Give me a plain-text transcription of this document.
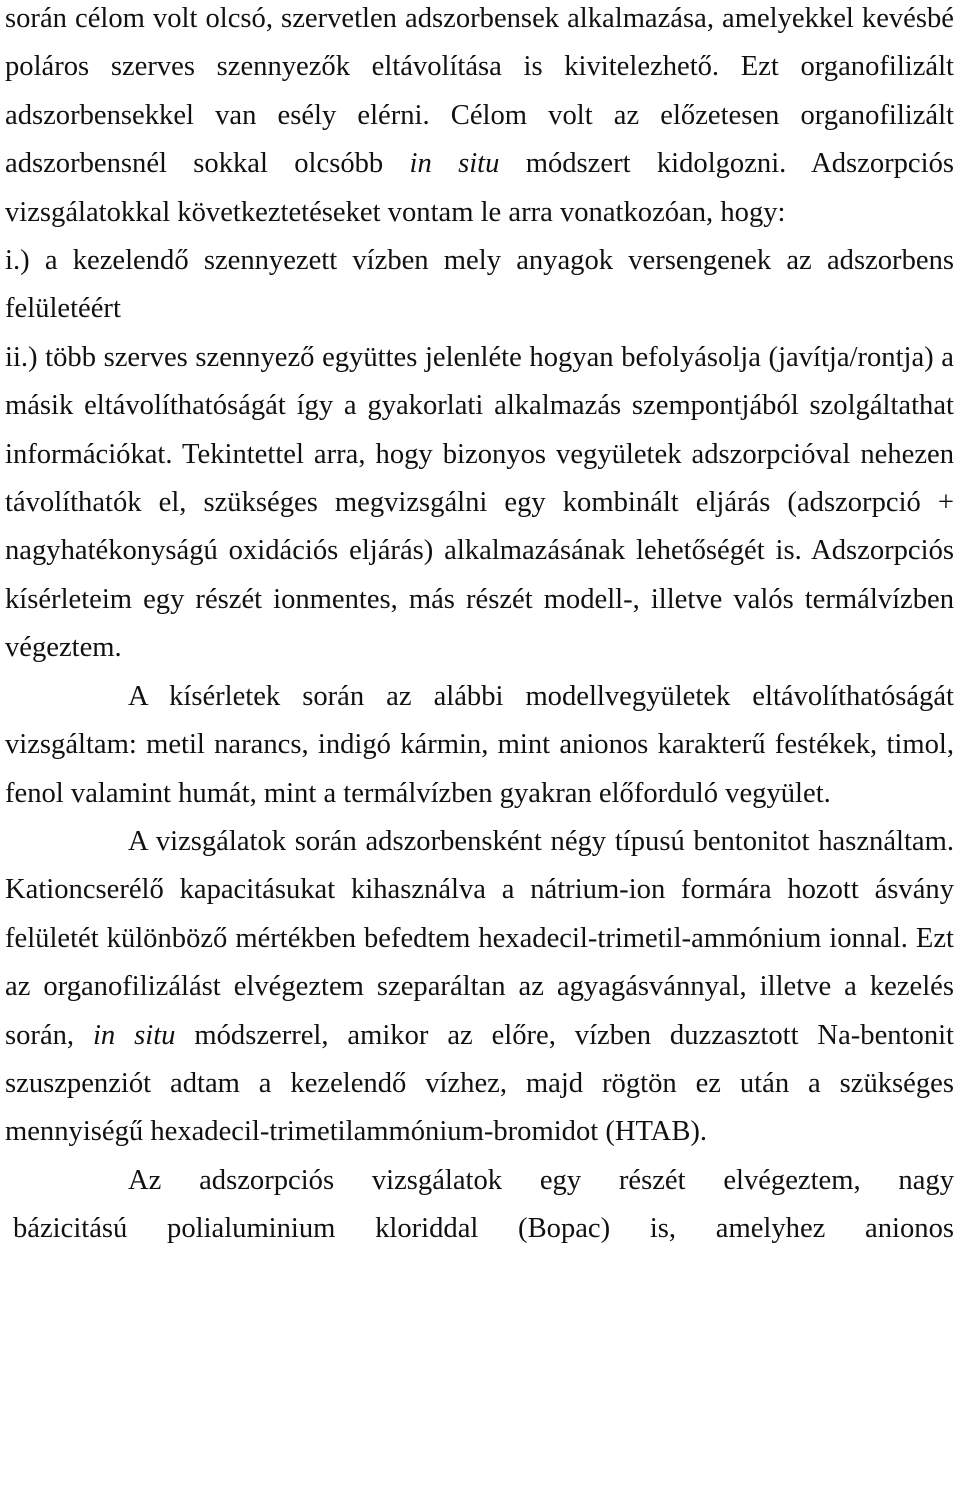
során célom volt olcsó, szervetlen adszorbensek alkalmazása, amelyekkel kevésbé poláros szerves szennyezők eltávolítása is kivitelezhető. Ezt organofilizált adszorbensekkel van esély elérni. Célom volt az előzetesen organofilizált adszorbensnél sokkal olcsóbb in situ módszert kidolgozni. Adszorpciós vizsgálatokkal következtetéseket vontam le arra vonatkozóan, hogy:

i.) a kezelendő szennyezett vízben mely anyagok versengenek az adszorbens felületéért

ii.) több szerves szennyező együttes jelenléte hogyan befolyásolja (javítja/rontja) a másik eltávolíthatóságát így a gyakorlati alkalmazás szempontjából szolgáltathat információkat. Tekintettel arra, hogy bizonyos vegyületek adszorpcióval nehezen távolíthatók el, szükséges megvizsgálni egy kombinált eljárás (adszorpció + nagyhatékonyságú oxidációs eljárás) alkalmazásának lehetőségét is. Adszorpciós kísérleteim egy részét ionmentes, más részét modell-, illetve valós termálvízben végeztem.

A kísérletek során az alábbi modellvegyületek eltávolíthatóságát vizsgáltam: metil narancs, indigó kármin, mint anionos karakterű festékek, timol, fenol valamint humát, mint a termálvízben gyakran előforduló vegyület.

A vizsgálatok során adszorbensként négy típusú bentonitot használtam. Kationcserélő kapacitásukat kihasználva a nátrium-ion formára hozott ásvány felületét különböző mértékben befedtem hexadecil-trimetil-ammónium ionnal. Ezt az organofilizálást elvégeztem szeparáltan az agyagásvánnyal, illetve a kezelés során, in situ módszerrel, amikor az előre, vízben duzzasztott Na-bentonit szuszpenziót adtam a kezelendő vízhez, majd rögtön ez után a szükséges mennyiségű hexadecil-trimetilammónium-bromidot (HTAB).

Az adszorpciós vizsgálatok egy részét elvégeztem, nagy

bázicitású polialuminium kloriddal (Bopac) is, amelyhez anionos
